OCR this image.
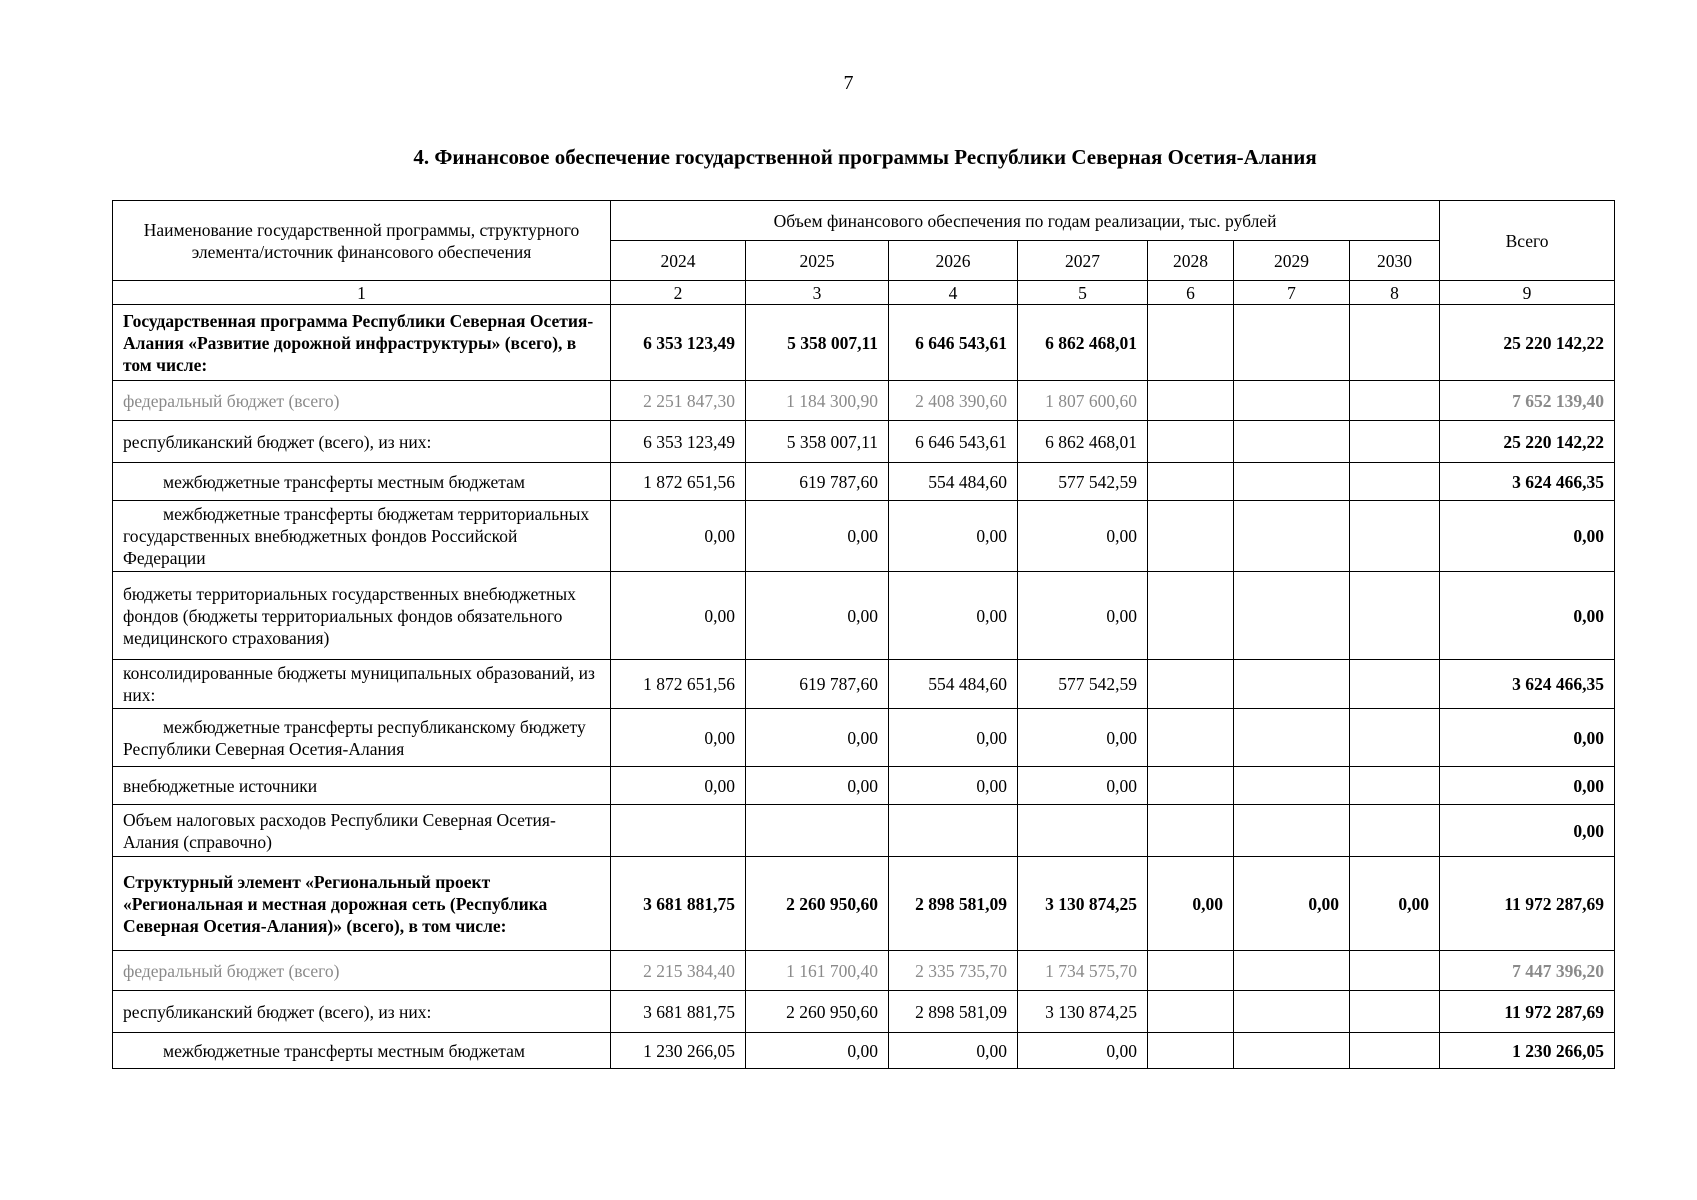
7
4. Финансовое обеспечение государственной программы Республики Северная Осетия-Алания
Наименование государственной программы, структурного элемента/источник финансового обеспечения	Объем финансового обеспечения по годам реализации, тыс. рублей							Всего
	2024	2025	2026	2027	2028	2029	2030	
1	2	3	4	5	6	7	8	9
Государственная программа Республики Северная Осетия-Алания «Развитие дорожной инфраструктуры» (всего), в том числе:	6 353 123,49	5 358 007,11	6 646 543,61	6 862 468,01				25 220 142,22
федеральный бюджет (всего)	2 251 847,30	1 184 300,90	2 408 390,60	1 807 600,60				7 652 139,40
республиканский бюджет (всего), из них:	6 353 123,49	5 358 007,11	6 646 543,61	6 862 468,01				25 220 142,22
межбюджетные трансферты местным бюджетам	1 872 651,56	619 787,60	554 484,60	577 542,59				3 624 466,35
межбюджетные трансферты бюджетам территориальных государственных внебюджетных фондов Российской Федерации	0,00	0,00	0,00	0,00				0,00
бюджеты территориальных государственных внебюджетных фондов (бюджеты территориальных фондов обязательного медицинского страхования)	0,00	0,00	0,00	0,00				0,00
консолидированные бюджеты муниципальных образований, из них:	1 872 651,56	619 787,60	554 484,60	577 542,59				3 624 466,35
межбюджетные трансферты республиканскому бюджету Республики Северная Осетия-Алания	0,00	0,00	0,00	0,00				0,00
внебюджетные источники	0,00	0,00	0,00	0,00				0,00
Объем налоговых расходов Республики Северная Осетия-Алания (справочно)								0,00
Структурный элемент «Региональный проект «Региональная и местная дорожная сеть (Республика Северная Осетия-Алания)» (всего), в том числе:	3 681 881,75	2 260 950,60	2 898 581,09	3 130 874,25	0,00	0,00	0,00	11 972 287,69
федеральный бюджет (всего)	2 215 384,40	1 161 700,40	2 335 735,70	1 734 575,70				7 447 396,20
республиканский бюджет (всего), из них:	3 681 881,75	2 260 950,60	2 898 581,09	3 130 874,25				11 972 287,69
межбюджетные трансферты местным бюджетам	1 230 266,05	0,00	0,00	0,00				1 230 266,05
